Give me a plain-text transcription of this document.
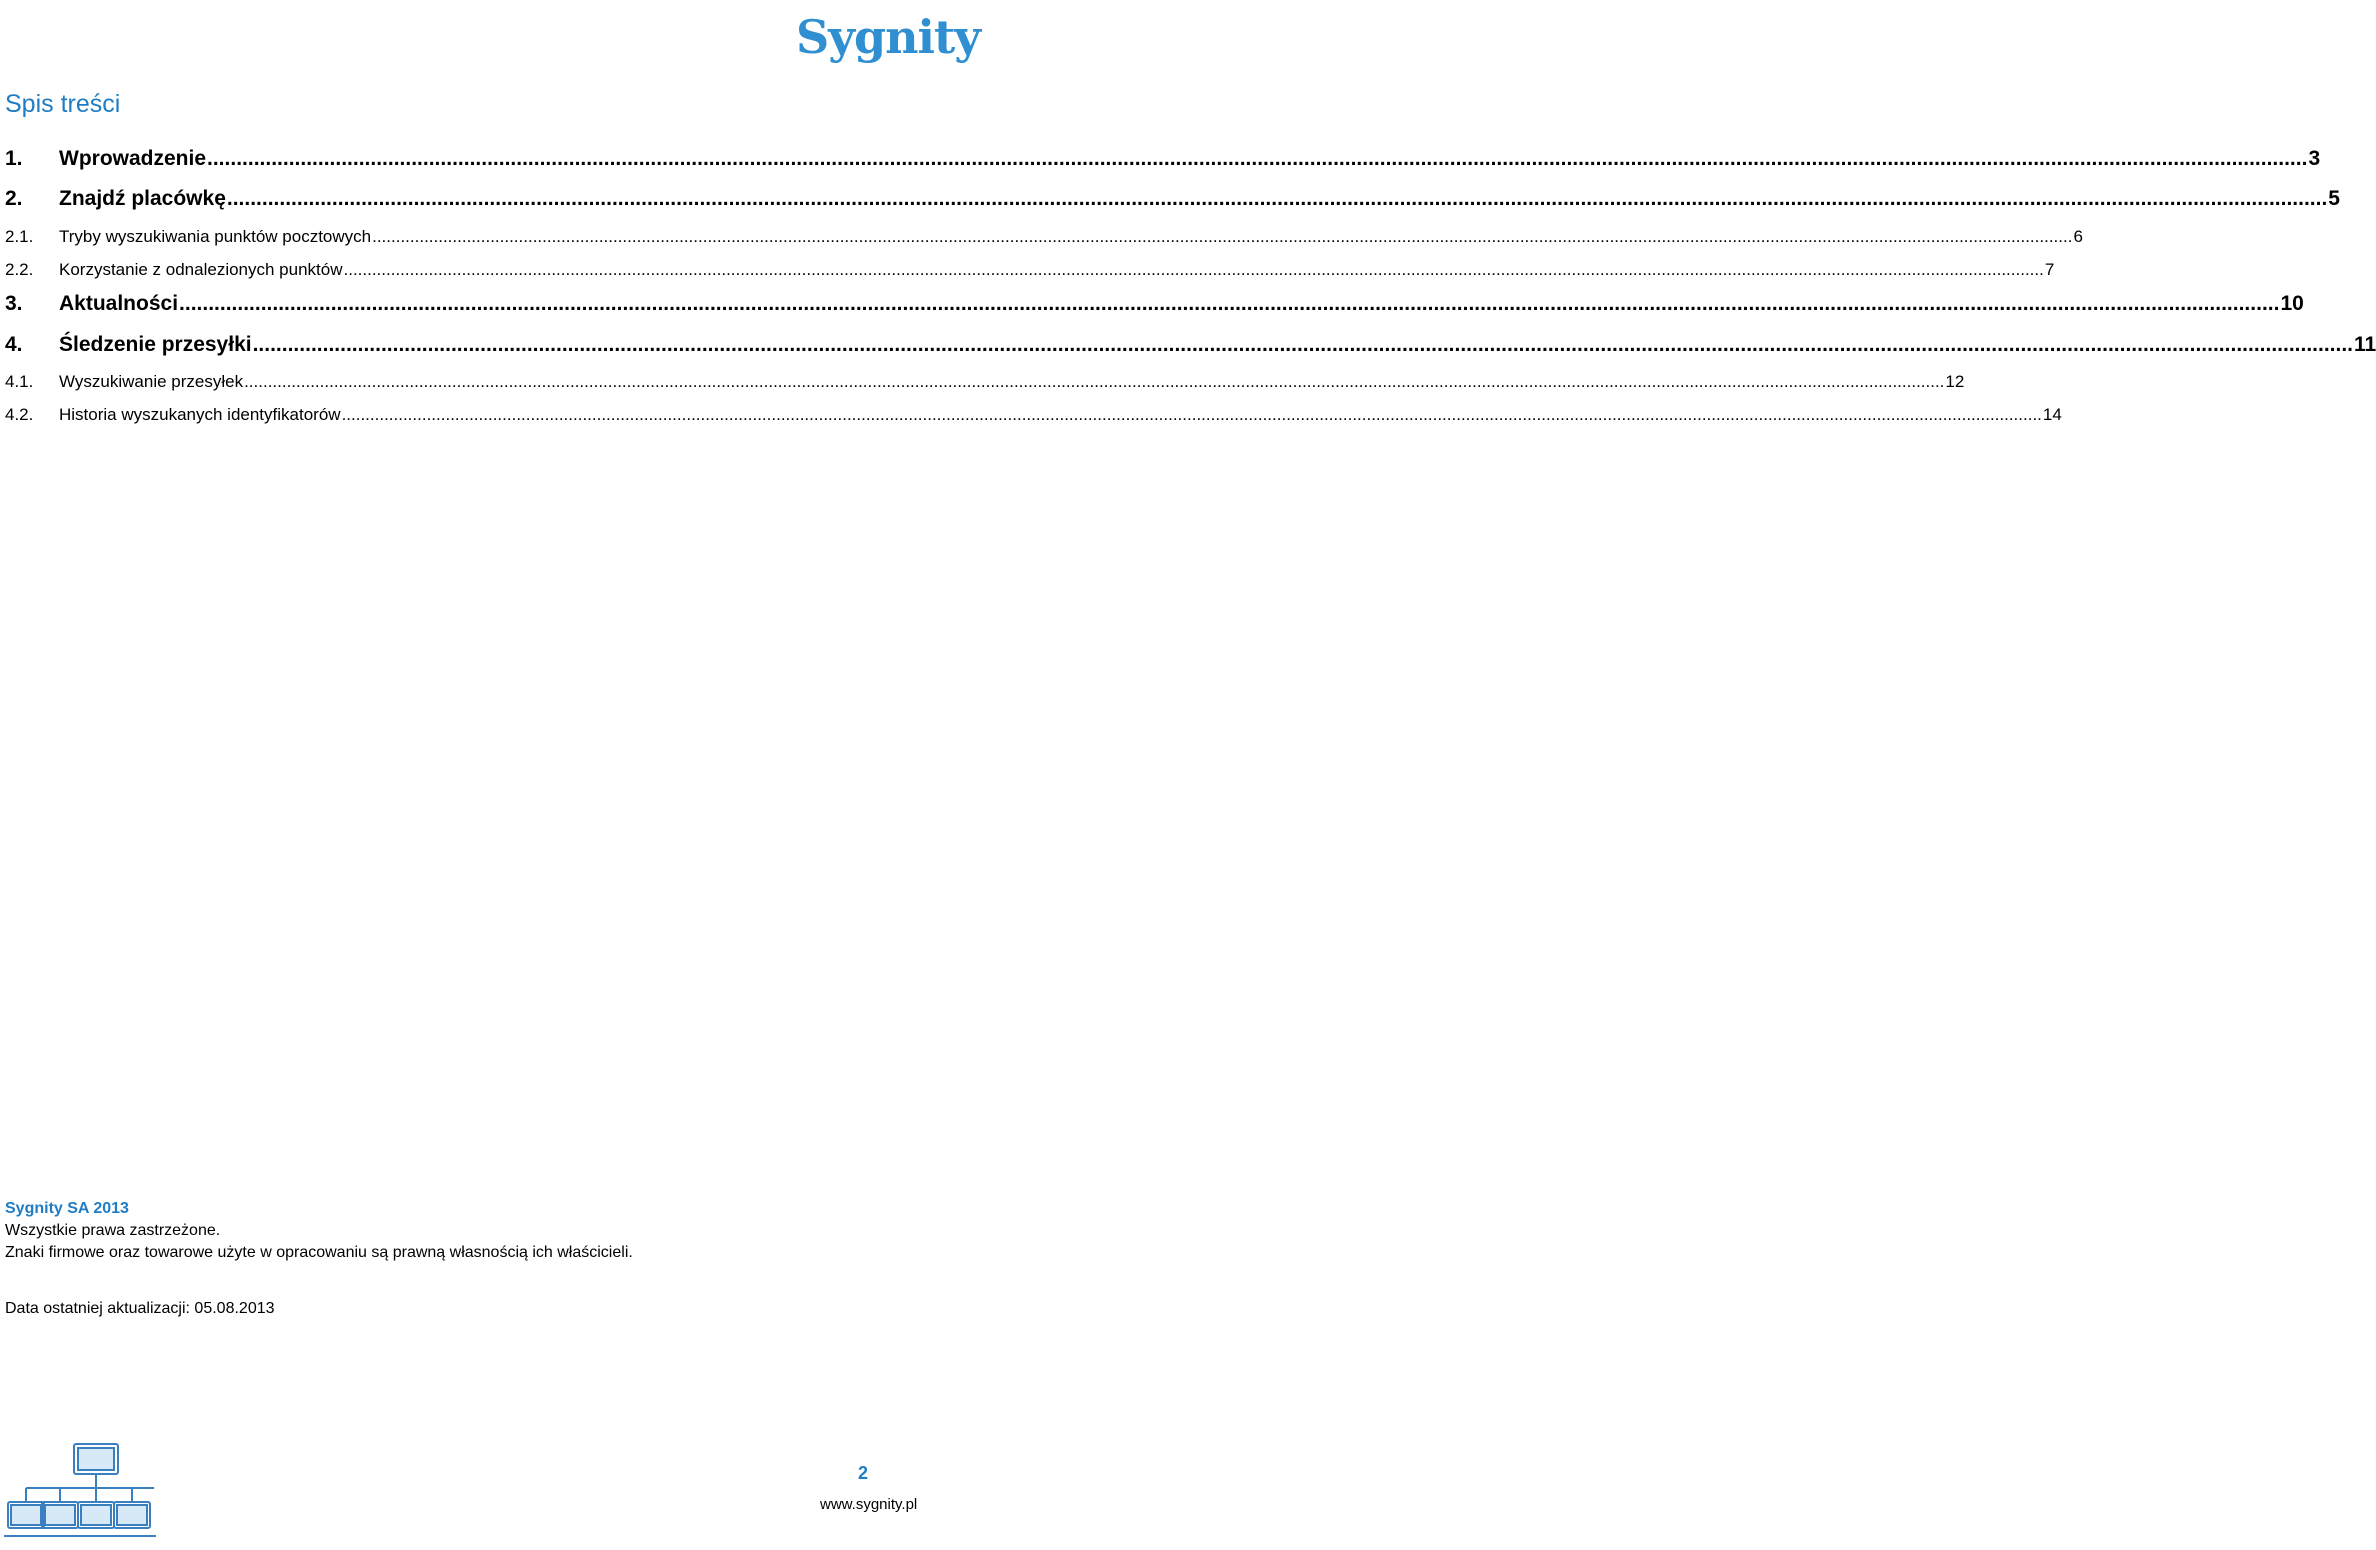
Sygnity
Spis treści
1.	Wprowadzenie .....	3
2.	Znajdź placówkę .....	5
2.1.	Tryby wyszukiwania punktów pocztowych .....	6
2.2.	Korzystanie z odnalezionych punktów .....	7
3.	Aktualności .....	10
4.	Śledzenie przesyłki .....	11
4.1.	Wyszukiwanie przesyłek .....	12
4.2.	Historia wyszukanych identyfikatorów .....	14
Sygnity SA 2013
Wszystkie prawa zastrzeżone.
Znaki firmowe oraz towarowe użyte w opracowaniu są prawną własnością ich właścicieli.
Data ostatniej aktualizacji: 05.08.2013
2
www.sygnity.pl
